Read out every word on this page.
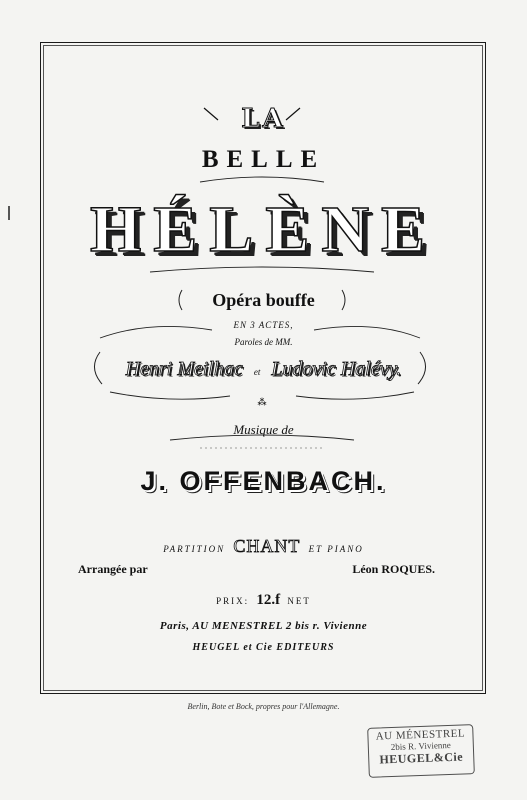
⁂
LA
BELLE
HÉLÈNE
Opéra bouffe
EN 3 ACTES,
Paroles de MM.
Henri Meilhac et Ludovic Halévy.
Musique de
J. OFFENBACH.
PARTITION CHANT ET PIANO
Arrangée par	Léon ROQUES.
PRIX: 12.f NET
Paris, AU MENESTREL 2 bis r. Vivienne
HEUGEL et Cie EDITEURS
Berlin, Bote et Bock, propres pour l'Allemagne.
AU MÉNESTREL
2bis R. Vivienne
HEUGEL&Cie
